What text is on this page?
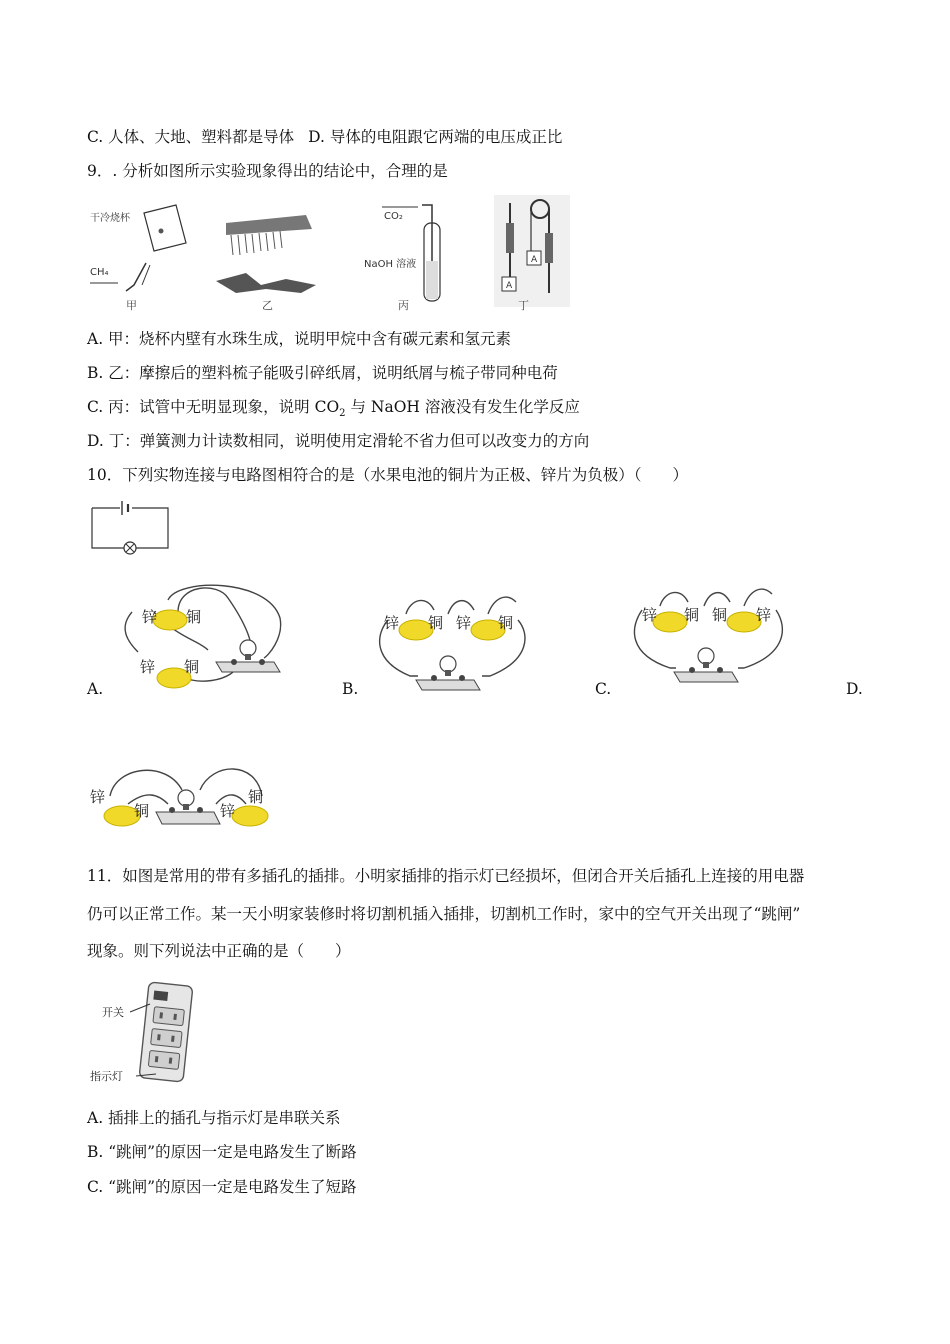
C. 人体、大地、塑料都是导体 D. 导体的电阻跟它两端的电压成正比
9．. 分析如图所示实验现象得出的结论中，合理的是
干冷烧杯
CH₄
甲	乙
CO₂
NaOH 溶液
丙
A
A
丁
A. 甲：烧杯内壁有水珠生成，说明甲烷中含有碳元素和氢元素
B. 乙：摩擦后的塑料梳子能吸引碎纸屑，说明纸屑与梳子带同种电荷
C. 丙：试管中无明显现象，说明 $CO_2$ 与 NaOH 溶液没有发生化学反应
D. 丁：弹簧测力计读数相同，说明使用定滑轮不省力但可以改变力的方向
10．下列实物连接与电路图相符合的是（水果电池的铜片为正极、锌片为负极）（　　）
锌 铜
锌 铜
A.
锌 铜 锌 铜
B.
锌 铜 铜 锌
C.	D.
锌
铜	锌
铜
11．如图是常用的带有多插孔的插排。小明家插排的指示灯已经损坏，但闭合开关后插孔上连接的用电器
仍可以正常工作。某一天小明家装修时将切割机插入插排，切割机工作时，家中的空气开关出现了“跳闸”
现象。则下列说法中正确的是（　　）
开关
指示灯
A. 插排上的插孔与指示灯是串联关系
B. “跳闸”的原因一定是电路发生了断路
C. “跳闸”的原因一定是电路发生了短路
